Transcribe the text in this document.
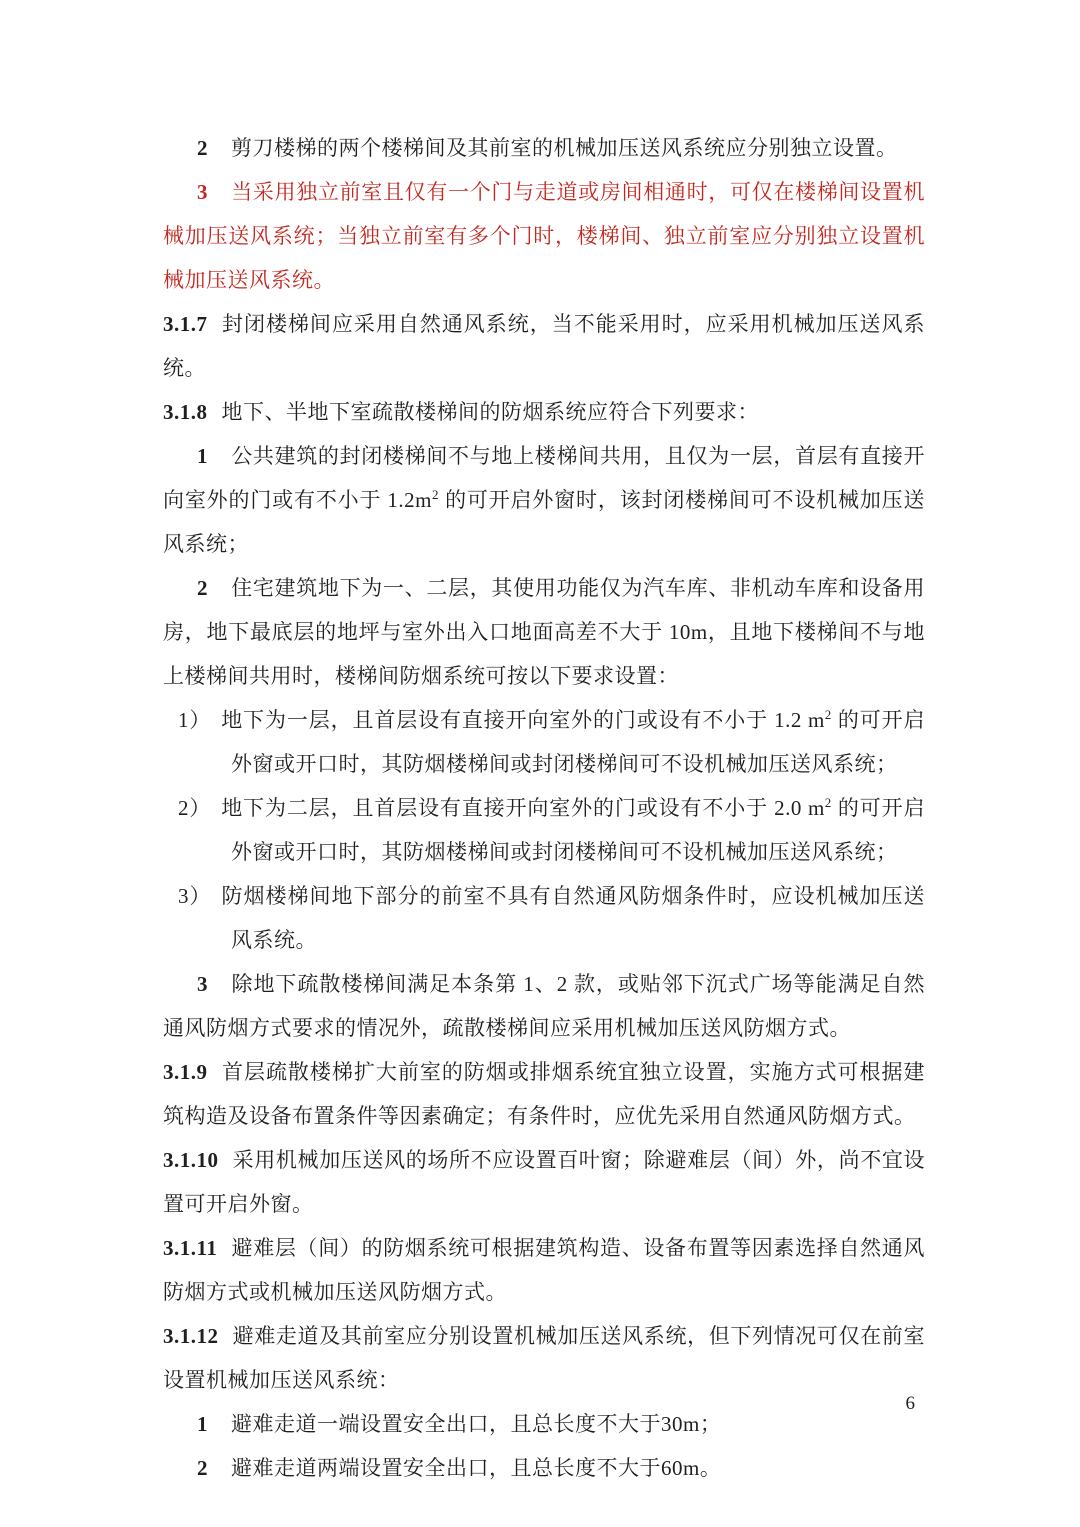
2 剪刀楼梯的两个楼梯间及其前室的机械加压送风系统应分别独立设置。

3 当采用独立前室且仅有一个门与走道或房间相通时，可仅在楼梯间设置机械加压送风系统；当独立前室有多个门时，楼梯间、独立前室应分别独立设置机械加压送风系统。

3.1.7 封闭楼梯间应采用自然通风系统，当不能采用时，应采用机械加压送风系统。

3.1.8 地下、半地下室疏散楼梯间的防烟系统应符合下列要求：

1 公共建筑的封闭楼梯间不与地上楼梯间共用，且仅为一层，首层有直接开向室外的门或有不小于 $1.2m^2$ 的可开启外窗时，该封闭楼梯间可不设机械加压送风系统；

2 住宅建筑地下为一、二层，其使用功能仅为汽车库、非机动车库和设备用房，地下最底层的地坪与室外出入口地面高差不大于 10m，且地下楼梯间不与地上楼梯间共用时，楼梯间防烟系统可按以下要求设置：

1） 地下为一层，且首层设有直接开向室外的门或设有不小于 1.2 $m^2$ 的可开启外窗或开口时，其防烟楼梯间或封闭楼梯间可不设机械加压送风系统；

2） 地下为二层，且首层设有直接开向室外的门或设有不小于 2.0 $m^2$ 的可开启外窗或开口时，其防烟楼梯间或封闭楼梯间可不设机械加压送风系统；

3） 防烟楼梯间地下部分的前室不具有自然通风防烟条件时，应设机械加压送风系统。

3 除地下疏散楼梯间满足本条第 1、2 款，或贴邻下沉式广场等能满足自然通风防烟方式要求的情况外，疏散楼梯间应采用机械加压送风防烟方式。

3.1.9 首层疏散楼梯扩大前室的防烟或排烟系统宜独立设置，实施方式可根据建筑构造及设备布置条件等因素确定；有条件时，应优先采用自然通风防烟方式。

3.1.10 采用机械加压送风的场所不应设置百叶窗；除避难层（间）外，尚不宜设置可开启外窗。

3.1.11 避难层（间）的防烟系统可根据建筑构造、设备布置等因素选择自然通风防烟方式或机械加压送风防烟方式。

3.1.12 避难走道及其前室应分别设置机械加压送风系统，但下列情况可仅在前室设置机械加压送风系统：

1 避难走道一端设置安全出口，且总长度不大于30m；

2 避难走道两端设置安全出口，且总长度不大于60m。

6
